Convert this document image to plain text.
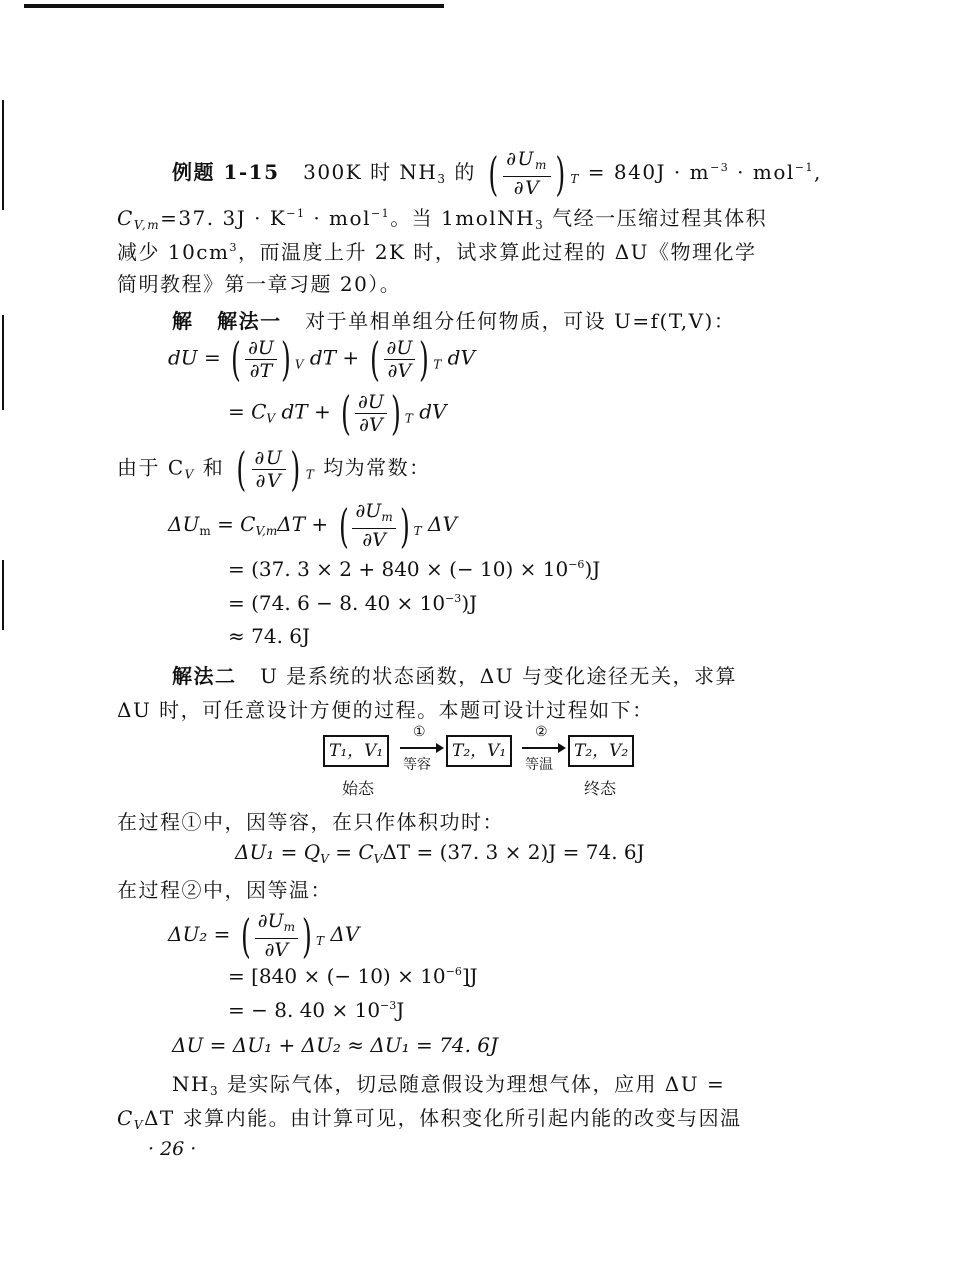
例题 1-15 300K 时 $NH_3$ 的 ( $\frac{\partial U_m}{\partial V}$ ) $_T = 840J \cdot m^{-3} \cdot mol^{-1}$,
$C_{V,m}=37$. $3J \cdot K^{-1} \cdot mol^{-1}$。当 1molNH$_3$ 气经一压缩过程其体积
减少 $10cm^3$，而温度上升 2K 时，试求算此过程的 ΔU《物理化学
简明教程》第一章习题 20）。
解 解法一 对于单相单组分任何物质，可设 U=f(T,V)：
dU = ( $\frac{\partial U}{\partial T}$ ) $_V$ dT + ( $\frac{\partial U}{\partial V}$ ) $_T$ dV
= $C_V$ dT + ( $\frac{\partial U}{\partial V}$ ) $_T$ dV
由于 $C_V$ 和 ( $\frac{\partial U}{\partial V}$ ) $_T$ 均为常数：
$\Delta U_m = C_{V,m}\Delta T$ + ( $\frac{\partial U_m}{\partial V}$ ) $_T$ ΔV
= (37. 3 × 2 + 840 × (− $10) \times 10^{-6})J$
= (74. 6 − 8. $40 \times 10^{-3})J$
≈ 74. 6J
解法二 U 是系统的状态函数，ΔU 与变化途径无关，求算
ΔU 时，可任意设计方便的过程。本题可设计过程如下：
T₁，V₁
①
等容
T₂，V₁
②
等温
T₂，V₂
始态	终态
在过程①中，因等容，在只作体积功时：
$\Delta U_1 = Q_V = C_V\Delta T = (37$. 3 × 2)J = 74. 6J
在过程②中，因等温：
ΔU₂ = ( $\frac{\partial U_m}{\partial V}$ ) $_T$ ΔV
= [840 × (− $10) \times 10^{-6}]J$
= − 8. $40 \times 10^{-3}J$
ΔU = ΔU₁ + ΔU₂ ≈ ΔU₁ = 74. 6J
$NH_3$ 是实际气体，切忌随意假设为理想气体，应用 ΔU =
$C_V\Delta T$ 求算内能。由计算可见，体积变化所引起内能的改变与因温
· 26 ·
